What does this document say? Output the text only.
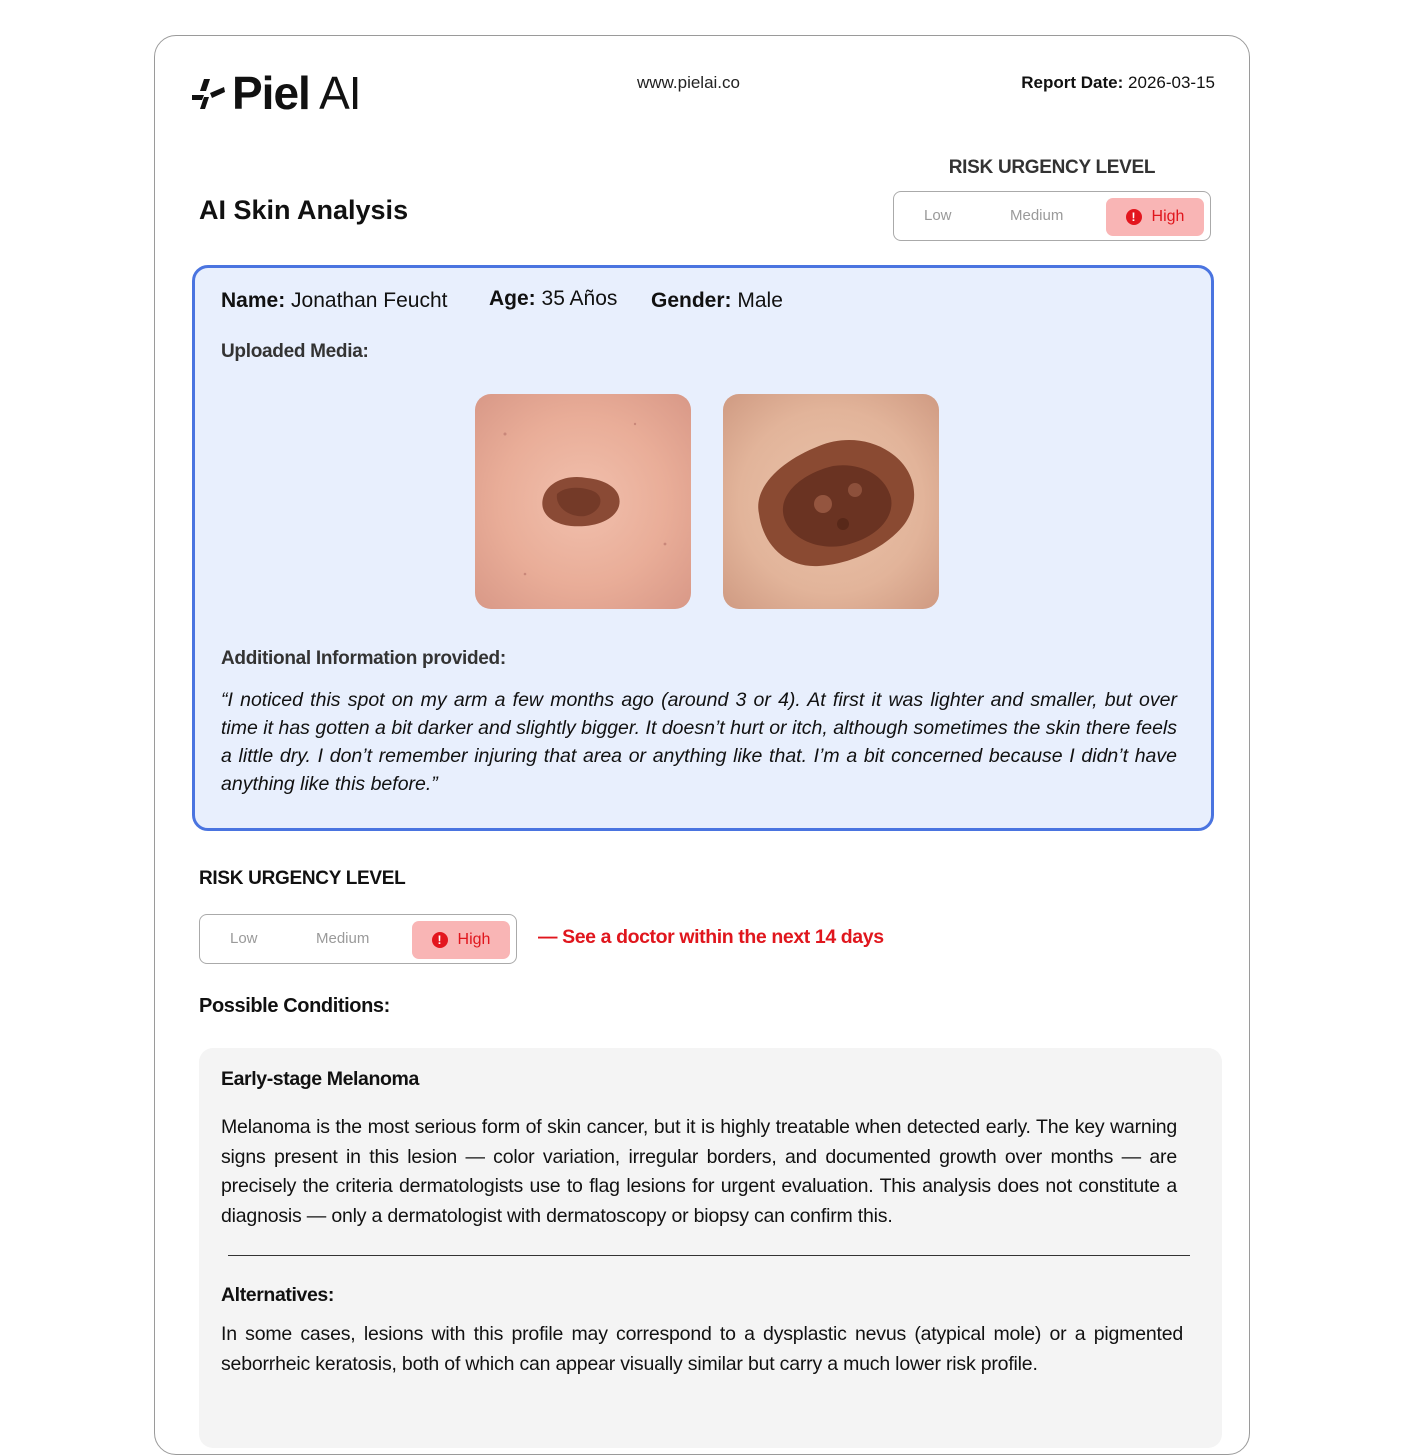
Piel AI	www.pielai.co	Report Date: 2026-03-15
RISK URGENCY LEVEL
Low	Medium	!	High
AI Skin Analysis
Name: Jonathan Feucht Age: 35 Años Gender: Male
Uploaded Media:
Additional Information provided:
“I noticed this spot on my arm a few months ago (around 3 or 4). At first it was lighter and smaller, but over time it has gotten a bit darker and slightly bigger. It doesn’t hurt or itch, although sometimes the skin there feels a little dry. I don’t remember injuring that area or anything like that. I’m a bit concerned because I didn’t have anything like this before.”
RISK URGENCY LEVEL
Low	Medium	!	High — See a doctor within the next 14 days
Possible Conditions:
Early-stage Melanoma
Melanoma is the most serious form of skin cancer, but it is highly treatable when detected early. The key warning signs present in this lesion — color variation, irregular borders, and documented growth over months — are precisely the criteria dermatologists use to flag lesions for urgent evaluation. This analysis does not constitute a diagnosis — only a dermatologist with dermatoscopy or biopsy can confirm this.
Alternatives:
In some cases, lesions with this profile may correspond to a dysplastic nevus (atypical mole) or a pigmented seborrheic keratosis, both of which can appear visually similar but carry a much lower risk profile.
